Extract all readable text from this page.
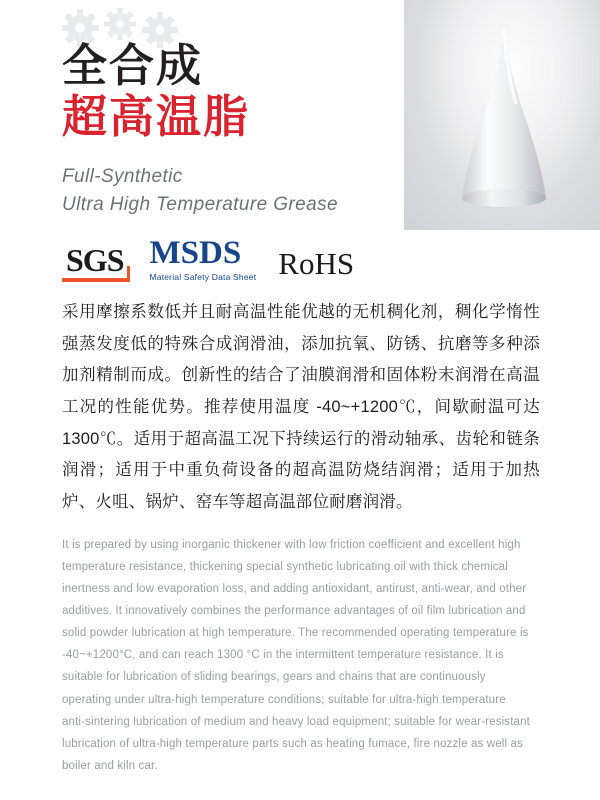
全合成
超高温脂
Full-Synthetic
Ultra High Temperature Grease
SGS MSDS
Material Safety Data Sheet RoHS
采用摩擦系数低并且耐高温性能优越的无机稠化剂，稠化学惰性强蒸发度低的特殊合成润滑油，添加抗氧、防锈、抗磨等多种添加剂精制而成。创新性的结合了油膜润滑和固体粉末润滑在高温工况的性能优势。推荐使用温度 -40~+1200℃，间歇耐温可达 1300℃。适用于超高温工况下持续运行的滑动轴承、齿轮和链条润滑；适用于中重负荷设备的超高温防烧结润滑；适用于加热炉、火咀、锅炉、窑车等超高温部位耐磨润滑。
It is prepared by using inorganic thickener with low friction coefficient and excellent high temperature resistance, thickening special synthetic lubricating oil with thick chemical inertness and low evaporation loss, and adding antioxidant, antirust, anti-wear, and other additives. It innovatively combines the performance advantages of oil film lubrication and solid powder lubrication at high temperature. The recommended operating temperature is -40~+1200°C, and can reach 1300 °C in the intermittent temperature resistance. It is suitable for lubrication of sliding bearings, gears and chains that are continuously operating under ultra-high temperature conditions; suitable for ultra-high temperature anti-sintering lubrication of medium and heavy load equipment; suitable for wear-resistant lubrication of ultra-high temperature parts such as heating fumace, fire nozzle as well as boiler and kiln car.
